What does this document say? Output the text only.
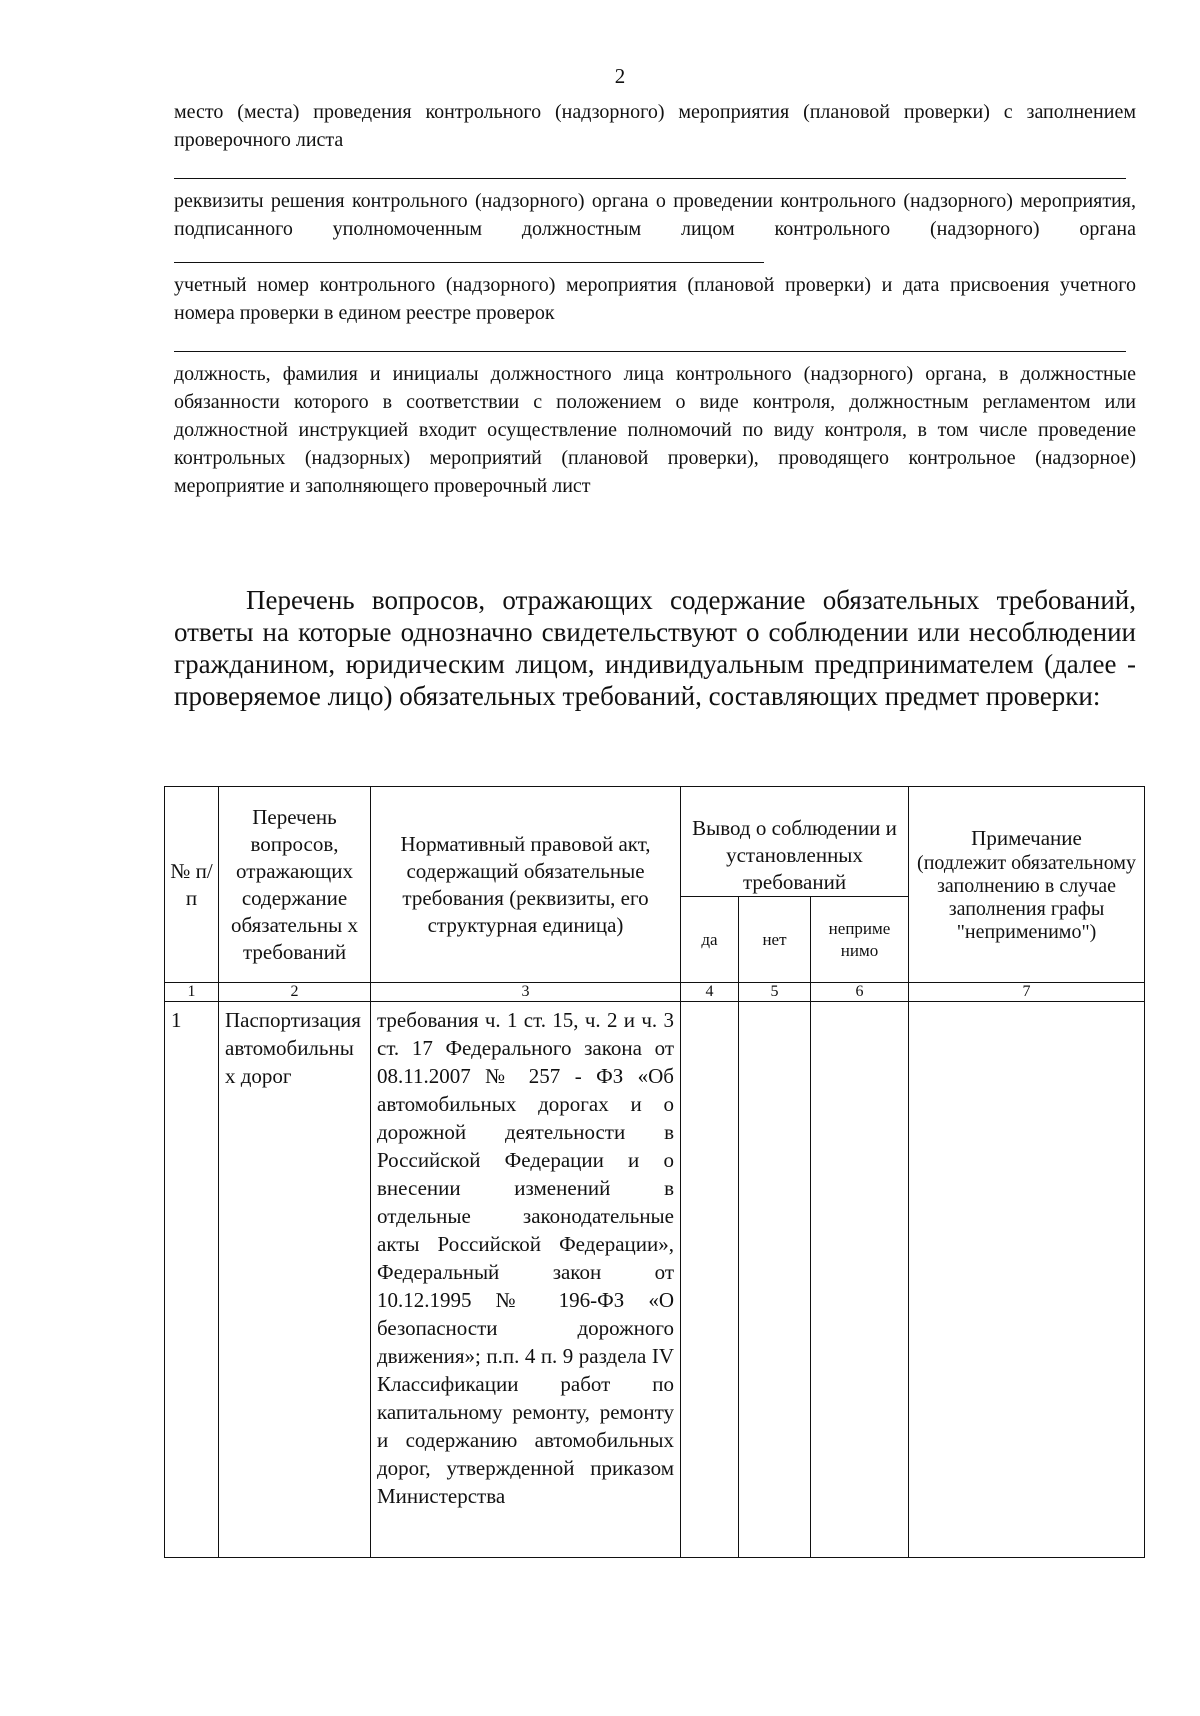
2

место (места) проведения контрольного (надзорного) мероприятия (плановой проверки) с заполнением проверочного листа

реквизиты решения контрольного (надзорного) органа о проведении контрольного (надзорного) мероприятия, подписанного уполномоченным должностным лицом контрольного (надзорного) органа

учетный номер контрольного (надзорного) мероприятия (плановой проверки) и дата присвоения учетного номера проверки в едином реестре проверок

должность, фамилия и инициалы должностного лица контрольного (надзорного) органа, в должностные обязанности которого в соответствии с положением о виде контроля, должностным регламентом или должностной инструкцией входит осуществление полномочий по виду контроля, в том числе проведение контрольных (надзорных) мероприятий (плановой проверки), проводящего контрольное (надзорное) мероприятие и заполняющего проверочный лист

Перечень вопросов, отражающих содержание обязательных требований, ответы на которые однозначно свидетельствуют о соблюдении или несоблюдении гражданином, юридическим лицом, индивидуальным предпринимателем (далее - проверяемое лицо) обязательных требований, составляющих предмет проверки:

№ п/п	Перечень вопросов, отражающих содержание обязательны х требований	Нормативный правовой акт, содержащий обязательные требования (реквизиты, его структурная единица)	Вывод о соблюдении и установленных требований			Примечание
(подлежит обязательному заполнению в случае заполнения графы "неприменимо")

			да	нет	неприме нимо	
1	2	3	4	5	6	7
1	Паспортизация автомобильных дорог	требования ч. 1 ст. 15, ч. 2 и ч. 3 ст. 17 Федерального закона от 08.11.2007 № 257 - ФЗ «Об автомобильных дорогах и о дорожной деятельности в Российской Федерации и о внесении изменений в отдельные законодательные акты Российской Федерации», Федеральный закон от 10.12.1995 № 196-ФЗ «О безопасности дорожного движения»; п.п. 4 п. 9 раздела IV Классификации работ по капитальному ремонту, ремонту и содержанию автомобильных дорог, утвержденной приказом Министерства				
